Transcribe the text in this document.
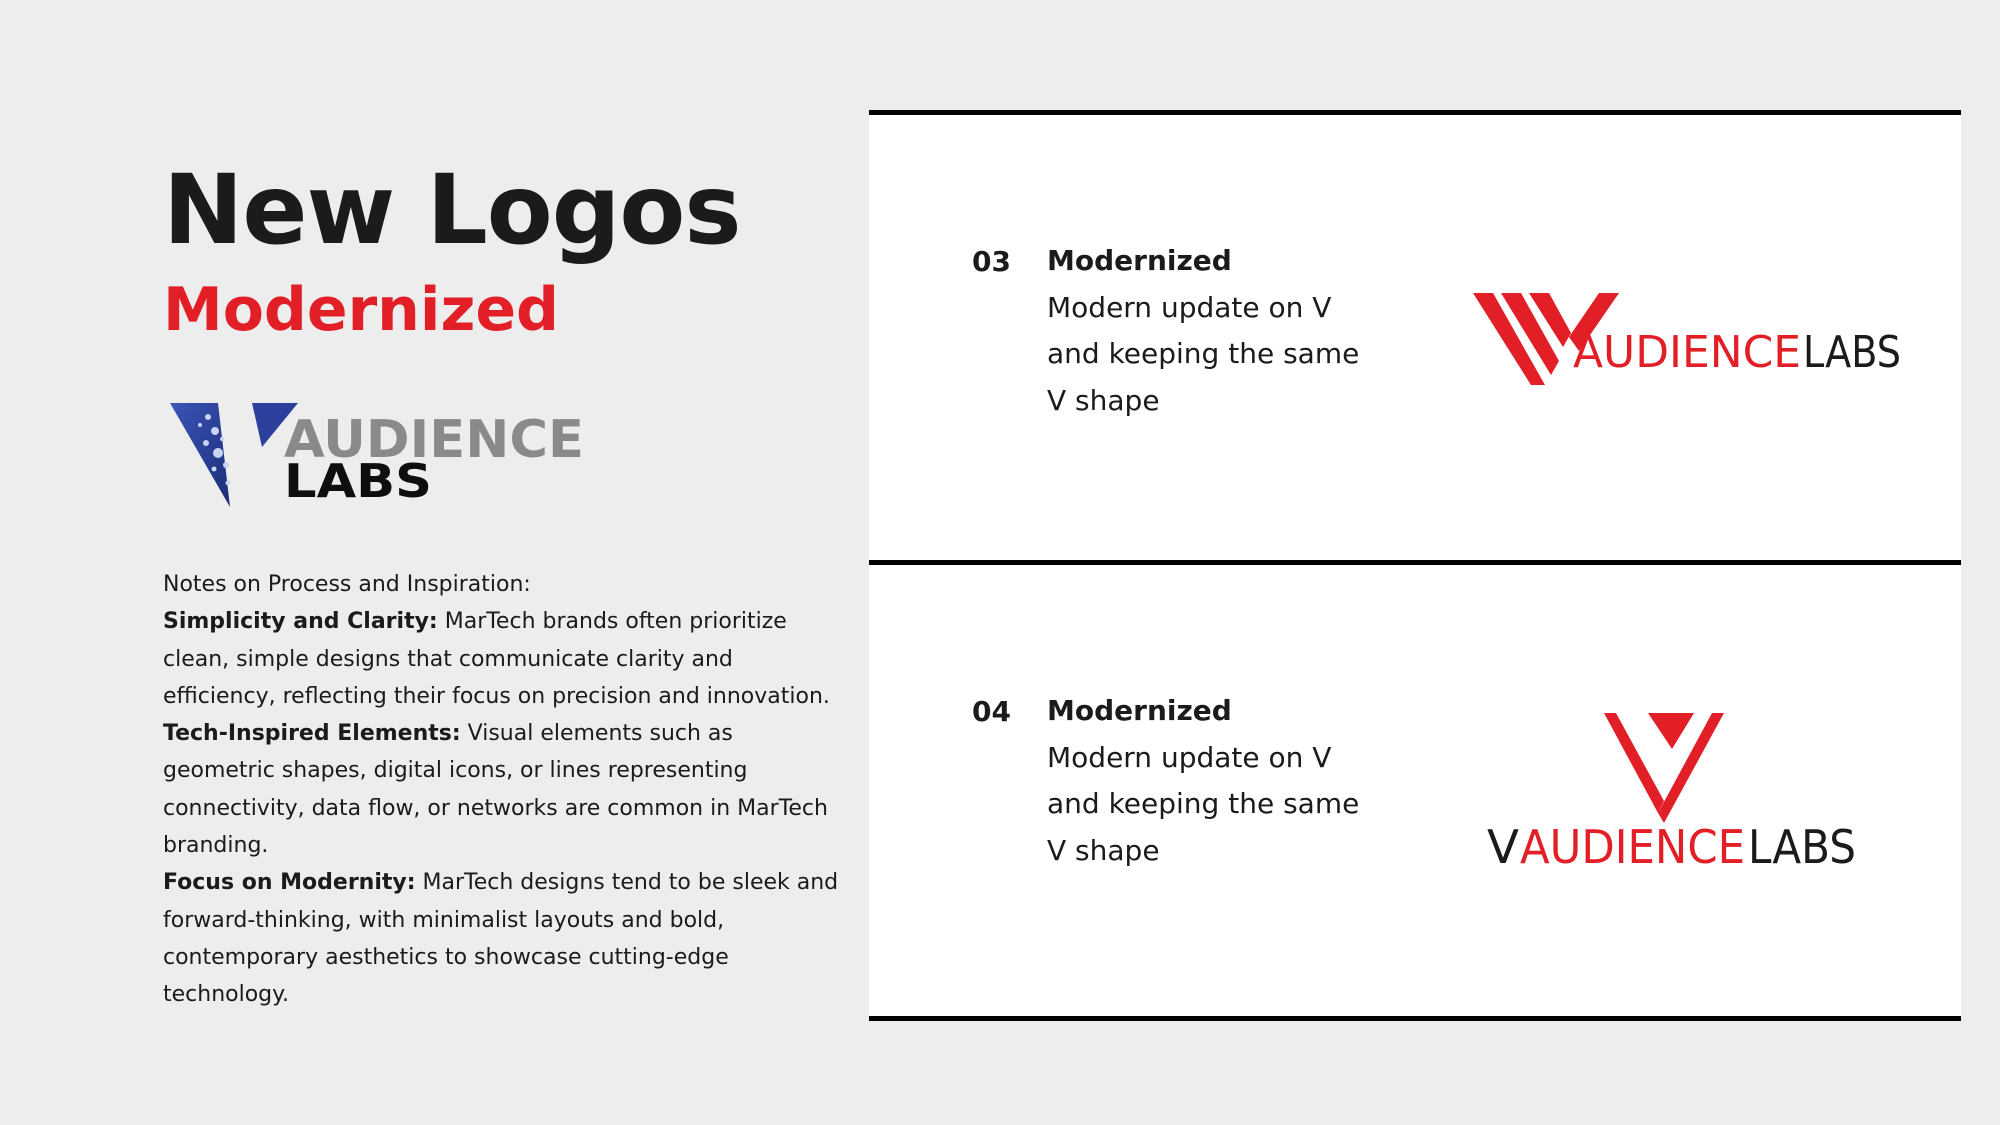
New Logos
Modernized
AUDIENCE
LABS

Notes on Process and Inspiration:

Simplicity and Clarity: MarTech brands often prioritize clean, simple designs that communicate clarity and efficiency, reflecting their focus on precision and innovation.

Tech-Inspired Elements: Visual elements such as geometric shapes, digital icons, or lines representing connectivity, data flow, or networks are common in MarTech branding.

Focus on Modernity: MarTech designs tend to be sleek and forward-thinking, with minimalist layouts and bold, contemporary aesthetics to showcase cutting-edge technology.

03 Modernized
Modern update on V
and keeping the same
V shape
AUDIENCE LABS
04 Modernized
Modern update on V
and keeping the same
V shape	V AUDIENCE LABS
